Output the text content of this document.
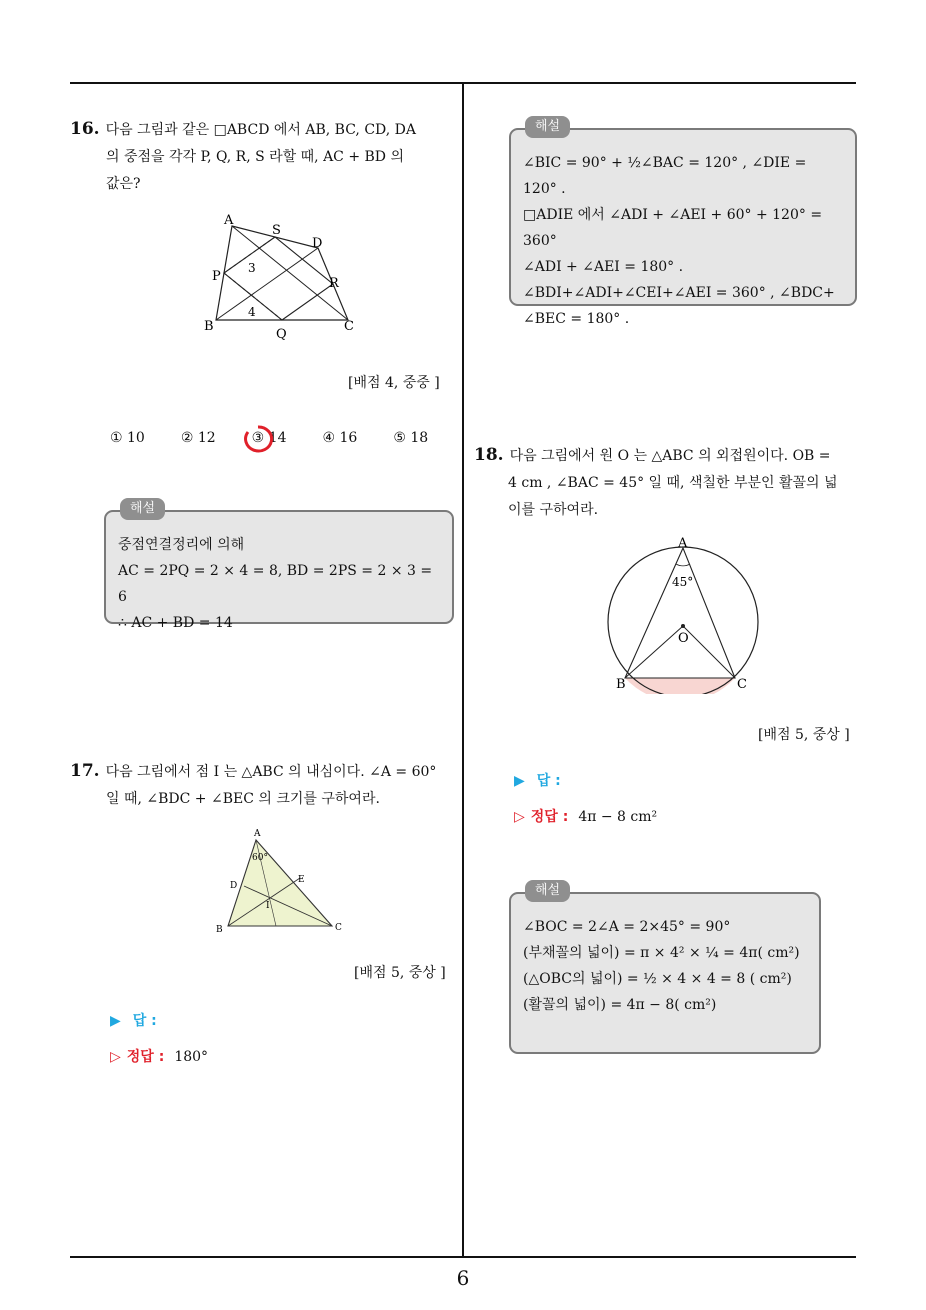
16. 다음 그림과 같은 □ABCD 에서 AB, BC, CD, DA
의 중점을 각각 P, Q, R, S 라할 때, AC + BD 의
값은?
A
S
D
P	R
B
Q
C
3
4
[배점 4, 중중 ]
① 10	② 12	③ 14	④ 16	⑤ 18
해설
중점연결정리에 의해
AC = 2PQ = 2 × 4 = 8, BD = 2PS = 2 × 3 = 6
∴ AC + BD = 14
17. 다음 그림에서 점 I 는 △ABC 의 내심이다. ∠A = 60°
일 때, ∠BDC + ∠BEC 의 크기를 구하여라.
A
60°
D
E
I
B	C
[배점 5, 중상 ]
▶ 답 :
▷ 정답 : 180°
해설
∠BIC = 90° + ½∠BAC = 120° , ∠DIE = 120° .
□ADIE 에서 ∠ADI + ∠AEI + 60° + 120° = 360°
∠ADI + ∠AEI = 180° .
∠BDI+∠ADI+∠CEI+∠AEI = 360° , ∠BDC+
∠BEC = 180° .
18. 다음 그림에서 원 O 는 △ABC 의 외접원이다. OB =
4 cm , ∠BAC = 45° 일 때, 색칠한 부분인 활꼴의 넓
이를 구하여라.
A
45°
O
B	C
[배점 5, 중상 ]
▶ 답 :
▷ 정답 : 4π − 8 cm²
해설
∠BOC = 2∠A = 2×45° = 90°
(부채꼴의 넓이) = π × 4² × ¼ = 4π( cm²)
(△OBC의 넓이) = ½ × 4 × 4 = 8 ( cm²)
(활꼴의 넓이) = 4π − 8( cm²)
6
